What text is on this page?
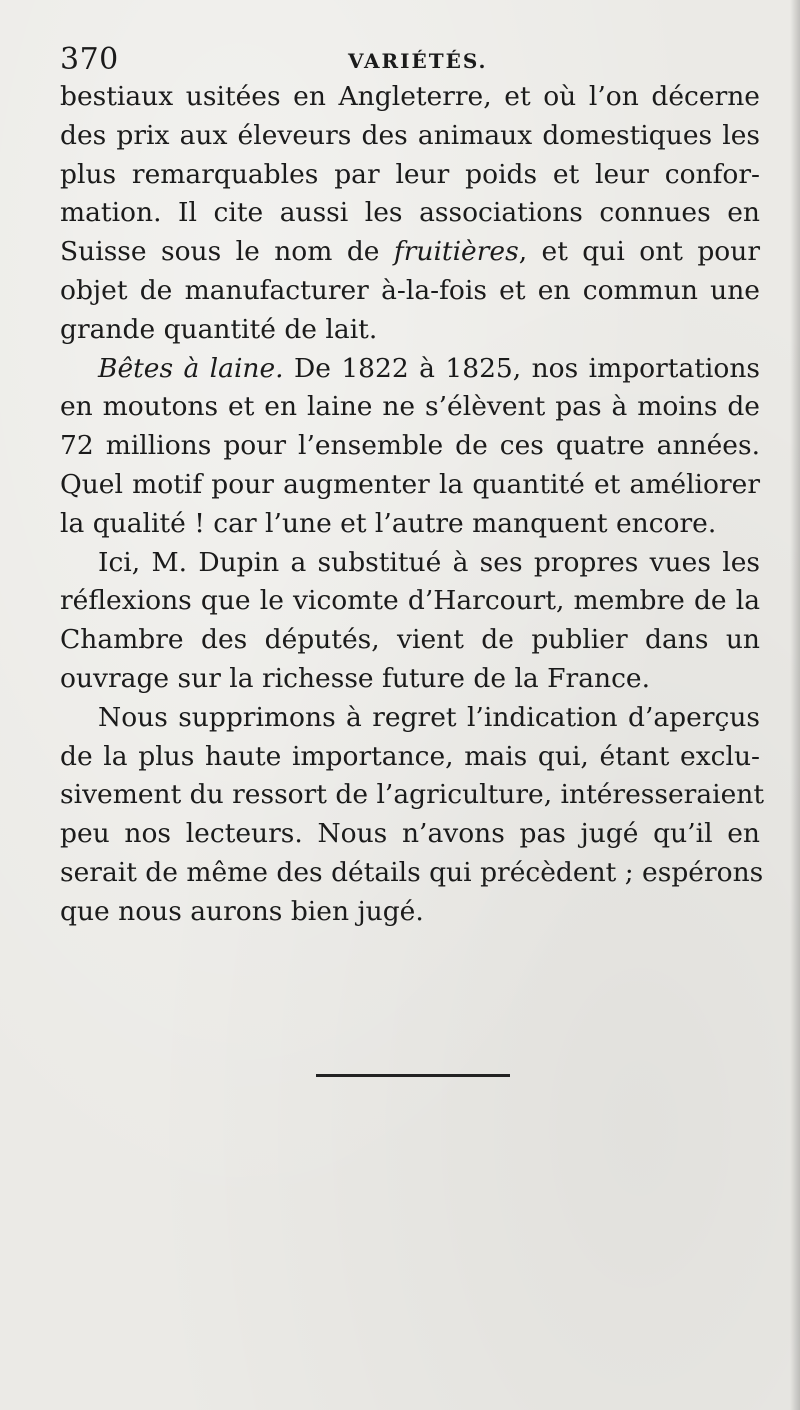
370	VARIÉTÉS.
bestiaux usitées en Angleterre, et où l’on décerne
des prix aux éleveurs des animaux domestiques les
plus remarquables par leur poids et leur confor-
mation. Il cite aussi les associations connues en
Suisse sous le nom de fruitières, et qui ont pour
objet de manufacturer à-la-fois et en commun une
grande quantité de lait.
Bêtes à laine. De 1822 à 1825, nos importations
en moutons et en laine ne s’élèvent pas à moins de
72 millions pour l’ensemble de ces quatre années.
Quel motif pour augmenter la quantité et améliorer
la qualité ! car l’une et l’autre manquent encore.
Ici, M. Dupin a substitué à ses propres vues les
réflexions que le vicomte d’Harcourt, membre de la
Chambre des députés, vient de publier dans un
ouvrage sur la richesse future de la France.
Nous supprimons à regret l’indication d’aperçus
de la plus haute importance, mais qui, étant exclu-
sivement du ressort de l’agriculture, intéresseraient
peu nos lecteurs. Nous n’avons pas jugé qu’il en
serait de même des détails qui précèdent ; espérons
que nous aurons bien jugé.
